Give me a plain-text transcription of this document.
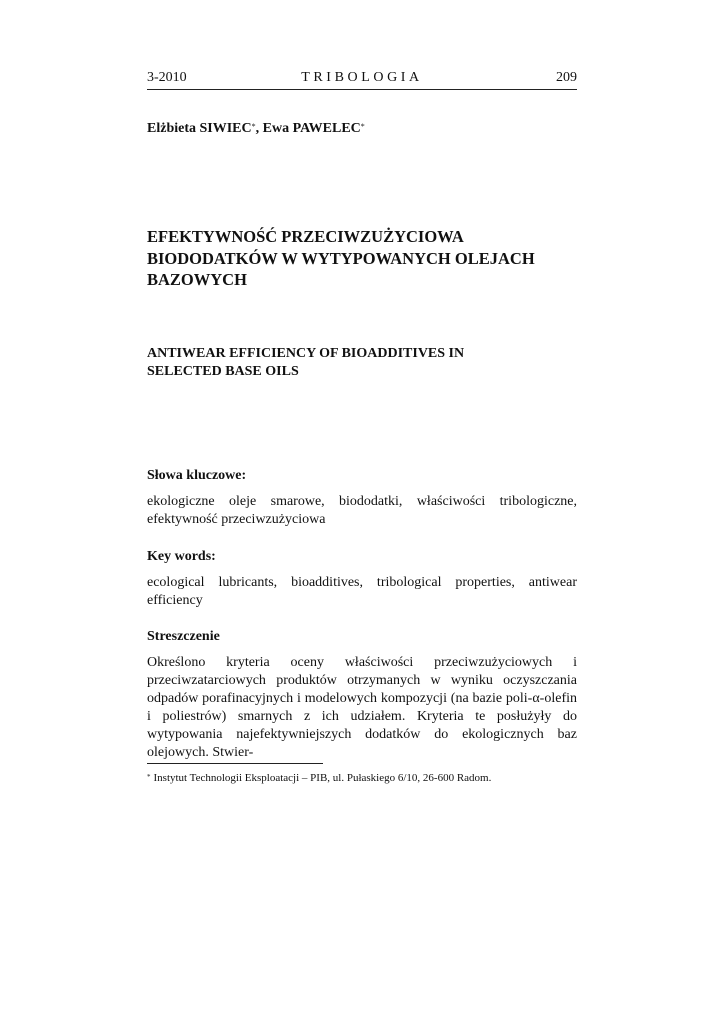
3-2010	TRIBOLOGIA	209
Elżbieta SIWIEC*, Ewa PAWELEC*
EFEKTYWNOŚĆ PRZECIWZUŻYCIOWA
BIODODATKÓW W WYTYPOWANYCH OLEJACH
BAZOWYCH
ANTIWEAR EFFICIENCY OF BIOADDITIVES IN
SELECTED BASE OILS
Słowa kluczowe:

ekologiczne oleje smarowe, biododatki, właściwości tribologiczne, efektywność przeciwzużyciowa

Key words:

ecological lubricants, bioadditives, tribological properties, antiwear efficiency

Streszczenie

Określono kryteria oceny właściwości przeciwzużyciowych i przeciwzatarciowych produktów otrzymanych w wyniku oczyszczania odpadów porafinacyjnych i modelowych kompozycji (na bazie poli-α-olefin i poliestrów) smarnych z ich udziałem. Kryteria te posłużyły do wytypowania najefektywniejszych dodatków do ekologicznych baz olejowych. Stwier-

* Instytut Technologii Eksploatacji – PIB, ul. Pułaskiego 6/10, 26-600 Radom.
